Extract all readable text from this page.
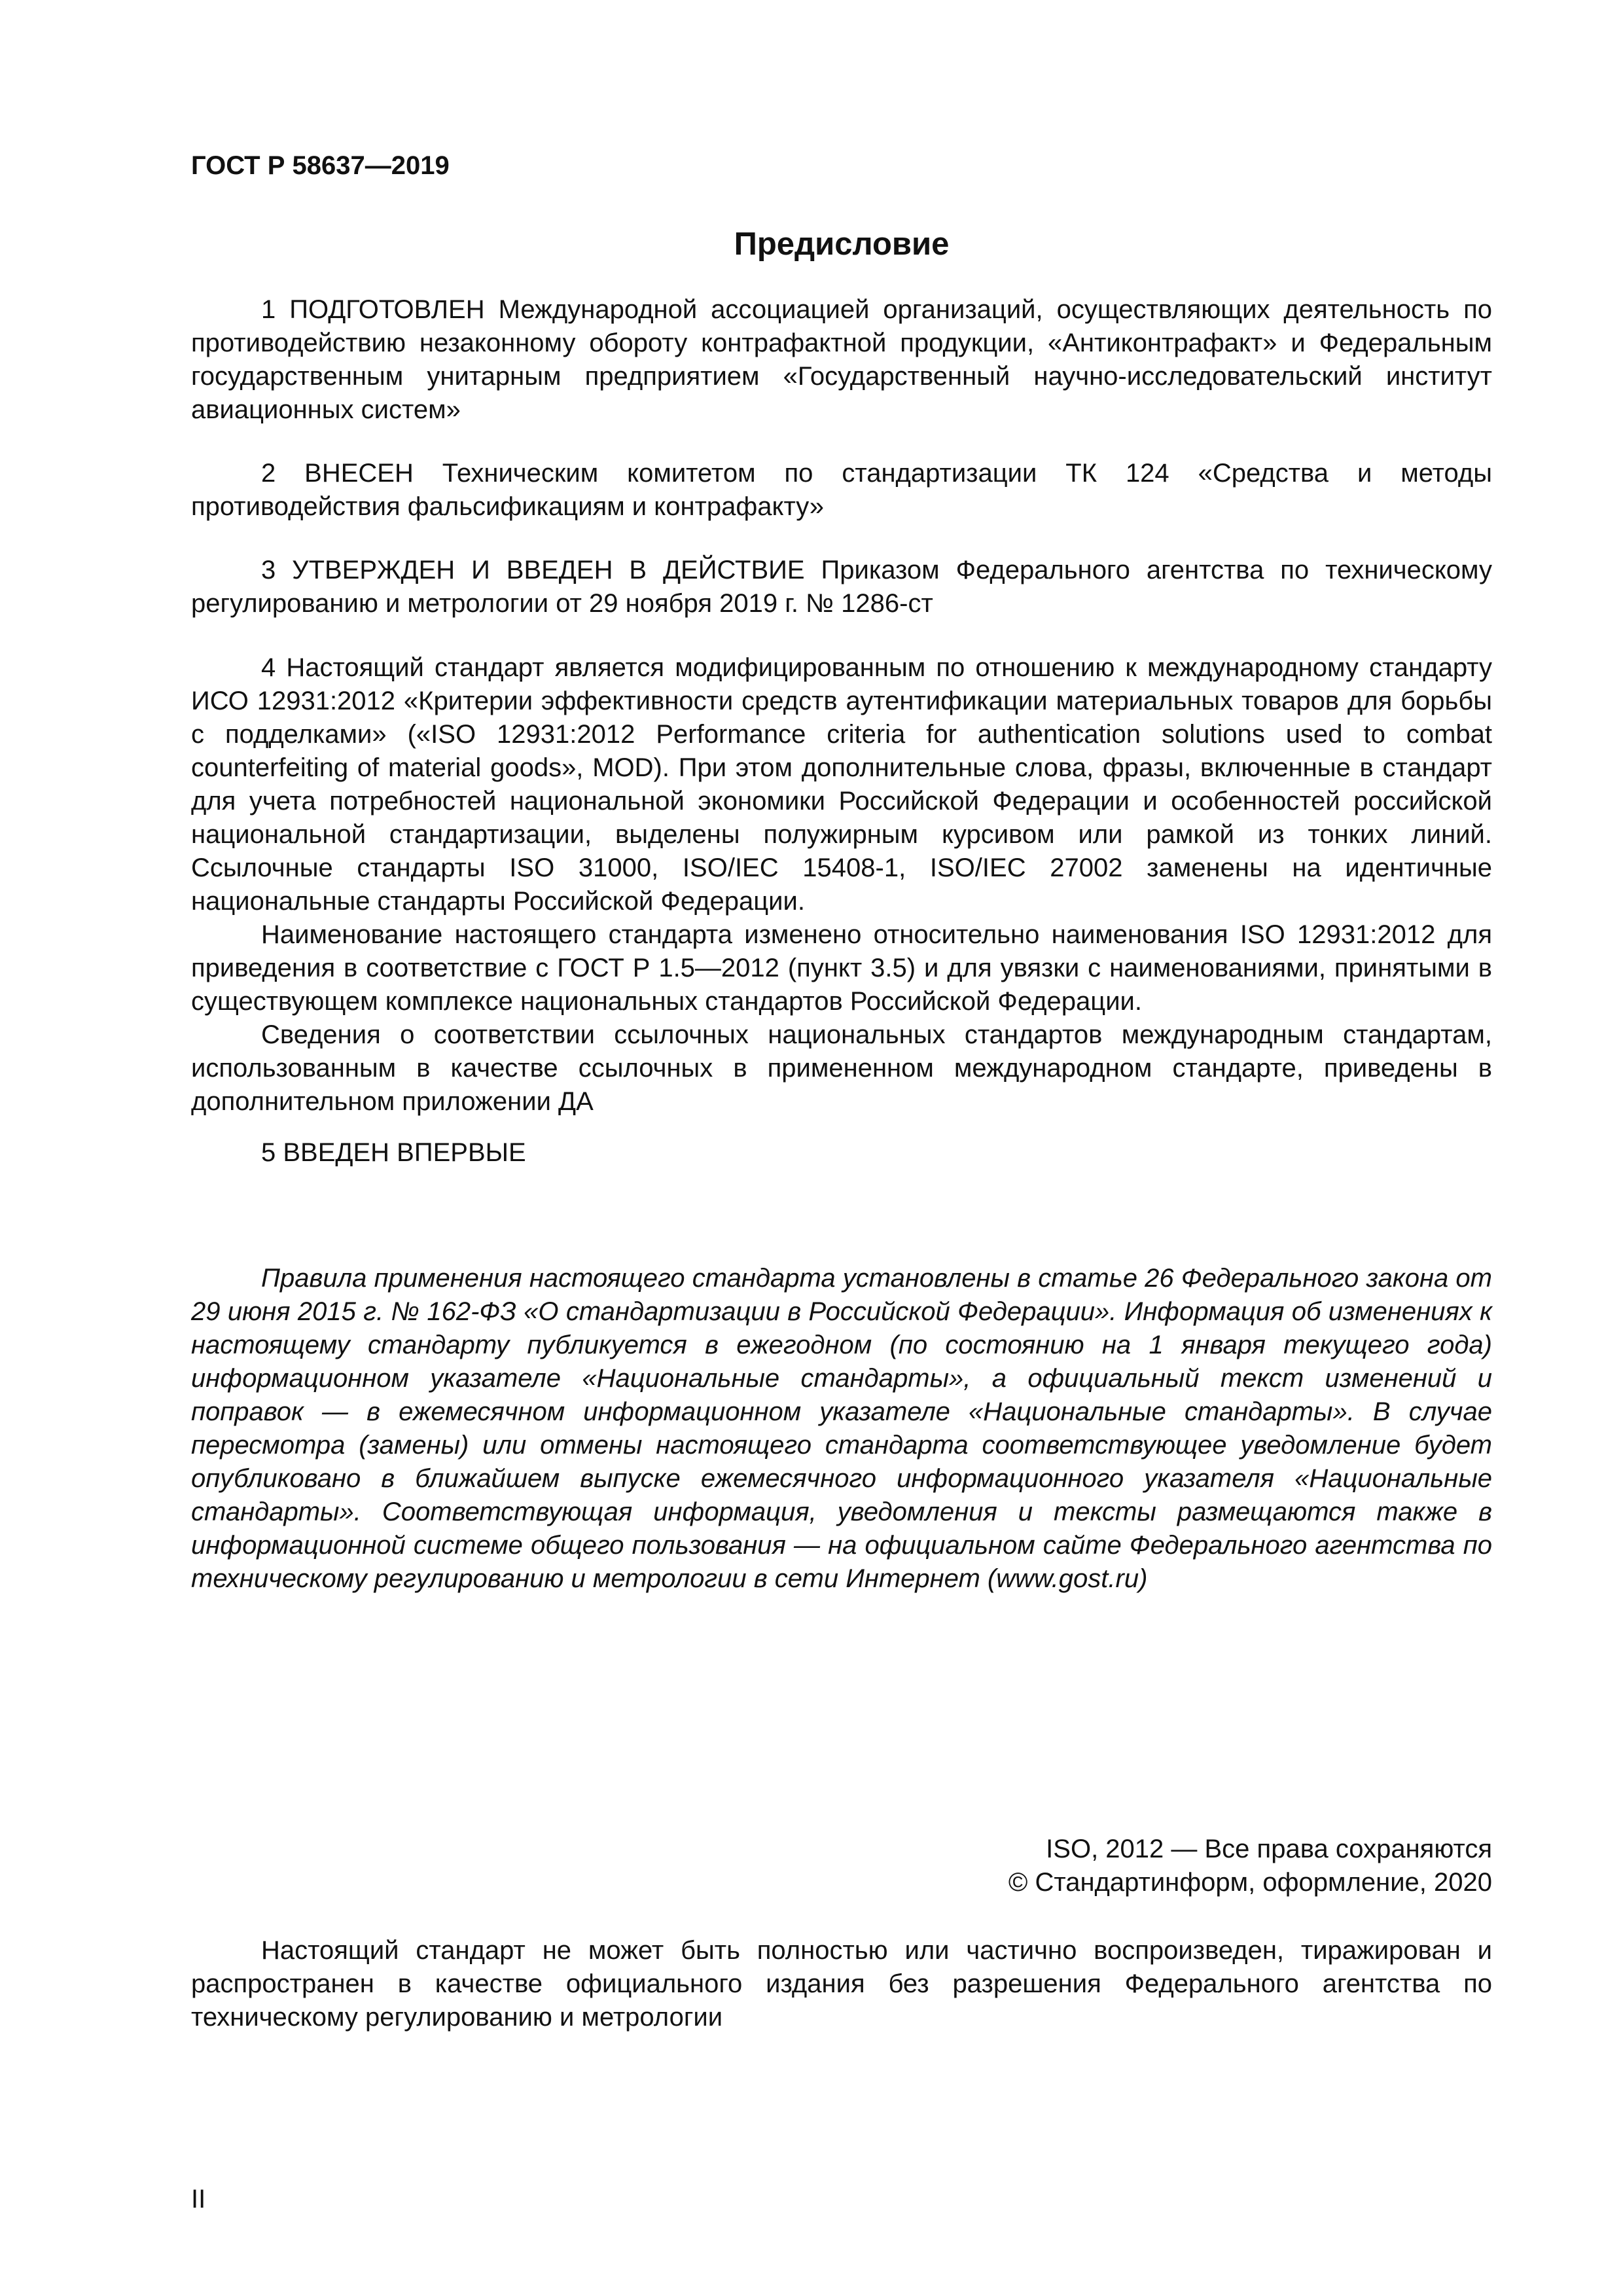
ГОСТ Р 58637—2019
Предисловие

1 ПОДГОТОВЛЕН Международной ассоциацией организаций, осуществляющих деятельность по противодействию незаконному обороту контрафактной продукции, «Антиконтрафакт» и Федеральным государственным унитарным предприятием «Государственный научно-исследовательский институт авиационных систем»

2 ВНЕСЕН Техническим комитетом по стандартизации ТК 124 «Средства и методы противодействия фальсификациям и контрафакту»

3 УТВЕРЖДЕН И ВВЕДЕН В ДЕЙСТВИЕ Приказом Федерального агентства по техническому регулированию и метрологии от 29 ноября 2019 г. № 1286-ст

4 Настоящий стандарт является модифицированным по отношению к международному стандарту ИСО 12931:2012 «Критерии эффективности средств аутентификации материальных товаров для борьбы с подделками» («ISO 12931:2012 Performance criteria for authentication solutions used to combat counterfeiting of material goods», MOD). При этом дополнительные слова, фразы, включенные в стандарт для учета потребностей национальной экономики Российской Федерации и особенностей российской национальной стандартизации, выделены полужирным курсивом или рамкой из тонких линий. Ссылочные стандарты ISO 31000, ISO/IEC 15408-1, ISO/IEC 27002 заменены на идентичные национальные стандарты Российской Федерации.

Наименование настоящего стандарта изменено относительно наименования ISO 12931:2012 для приведения в соответствие с ГОСТ Р 1.5—2012 (пункт 3.5) и для увязки с наименованиями, принятыми в существующем комплексе национальных стандартов Российской Федерации.

Сведения о соответствии ссылочных национальных стандартов международным стандартам, использованным в качестве ссылочных в примененном международном стандарте, приведены в дополнительном приложении ДА

5 ВВЕДЕН ВПЕРВЫЕ

Правила применения настоящего стандарта установлены в статье 26 Федерального закона от 29 июня 2015 г. № 162-ФЗ «О стандартизации в Российской Федерации». Информация об изменениях к настоящему стандарту публикуется в ежегодном (по состоянию на 1 января текущего года) информационном указателе «Национальные стандарты», а официальный текст изменений и поправок — в ежемесячном информационном указателе «Национальные стандарты». В случае пересмотра (замены) или отмены настоящего стандарта соответствующее уведомление будет опубликовано в ближайшем выпуске ежемесячного информационного указателя «Национальные стандарты». Соответствующая информация, уведомления и тексты размещаются также в информационной системе общего пользования — на официальном сайте Федерального агентства по техническому регулированию и метрологии в сети Интернет (www.gost.ru)

ISO, 2012 — Все права сохраняются
© Стандартинформ, оформление, 2020

Настоящий стандарт не может быть полностью или частично воспроизведен, тиражирован и распространен в качестве официального издания без разрешения Федерального агентства по техническому регулированию и метрологии

II
